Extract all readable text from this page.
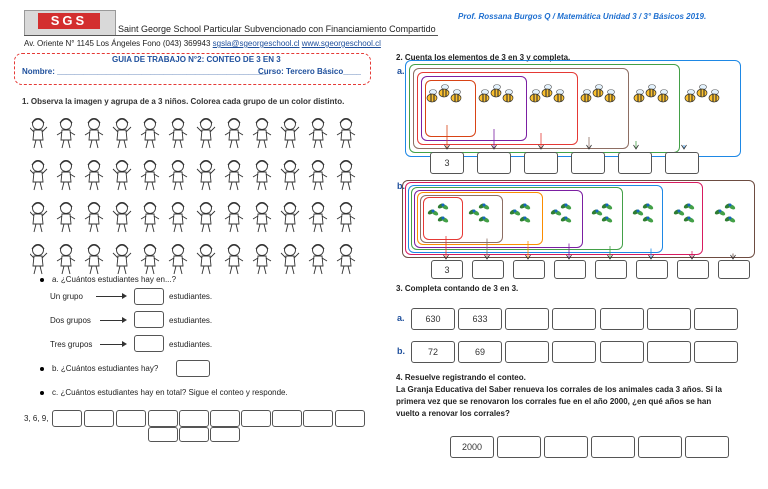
SGS
Saint George School Particular Subvencionado con Financiamiento Compartido
Av. Oriente N° 1145 Los Ángeles Fono (043) 369943 sgsla@sgeorgeschool.cl www.sgeorgeschool.cl
Prof. Rossana Burgos Q / Matemática Unidad 3 / 3° Básicos 2019.
GUIA DE TRABAJO N°2: CONTEO DE 3 EN 3
Nombre: _______________________________________________
Curso: Tercero Básico____
1. Observa la imagen y agrupa de a 3 niños. Colorea cada grupo de un color distinto.
a. ¿Cuántos estudiantes hay en...?
Un grupo	estudiantes.
Dos grupos	estudiantes.
Tres grupos	estudiantes.
b. ¿Cuántos estudiantes hay?
c. ¿Cuántos estudiantes hay en total? Sigue el conteo y responde.
3, 6, 9,
2. Cuenta los elementos de 3 en 3 y completa.
a.
b.
3. Completa contando de 3 en 3.
a.
b.
4. Resuelve registrando el conteo.
La Granja Educativa del Saber renueva los corrales de los animales cada 3 años. Si la
primera vez que se renovaron los corrales fue en el año 2000, ¿en qué años se han
vuelto a renovar los corrales?
3
3
630	633
72	69
2000
